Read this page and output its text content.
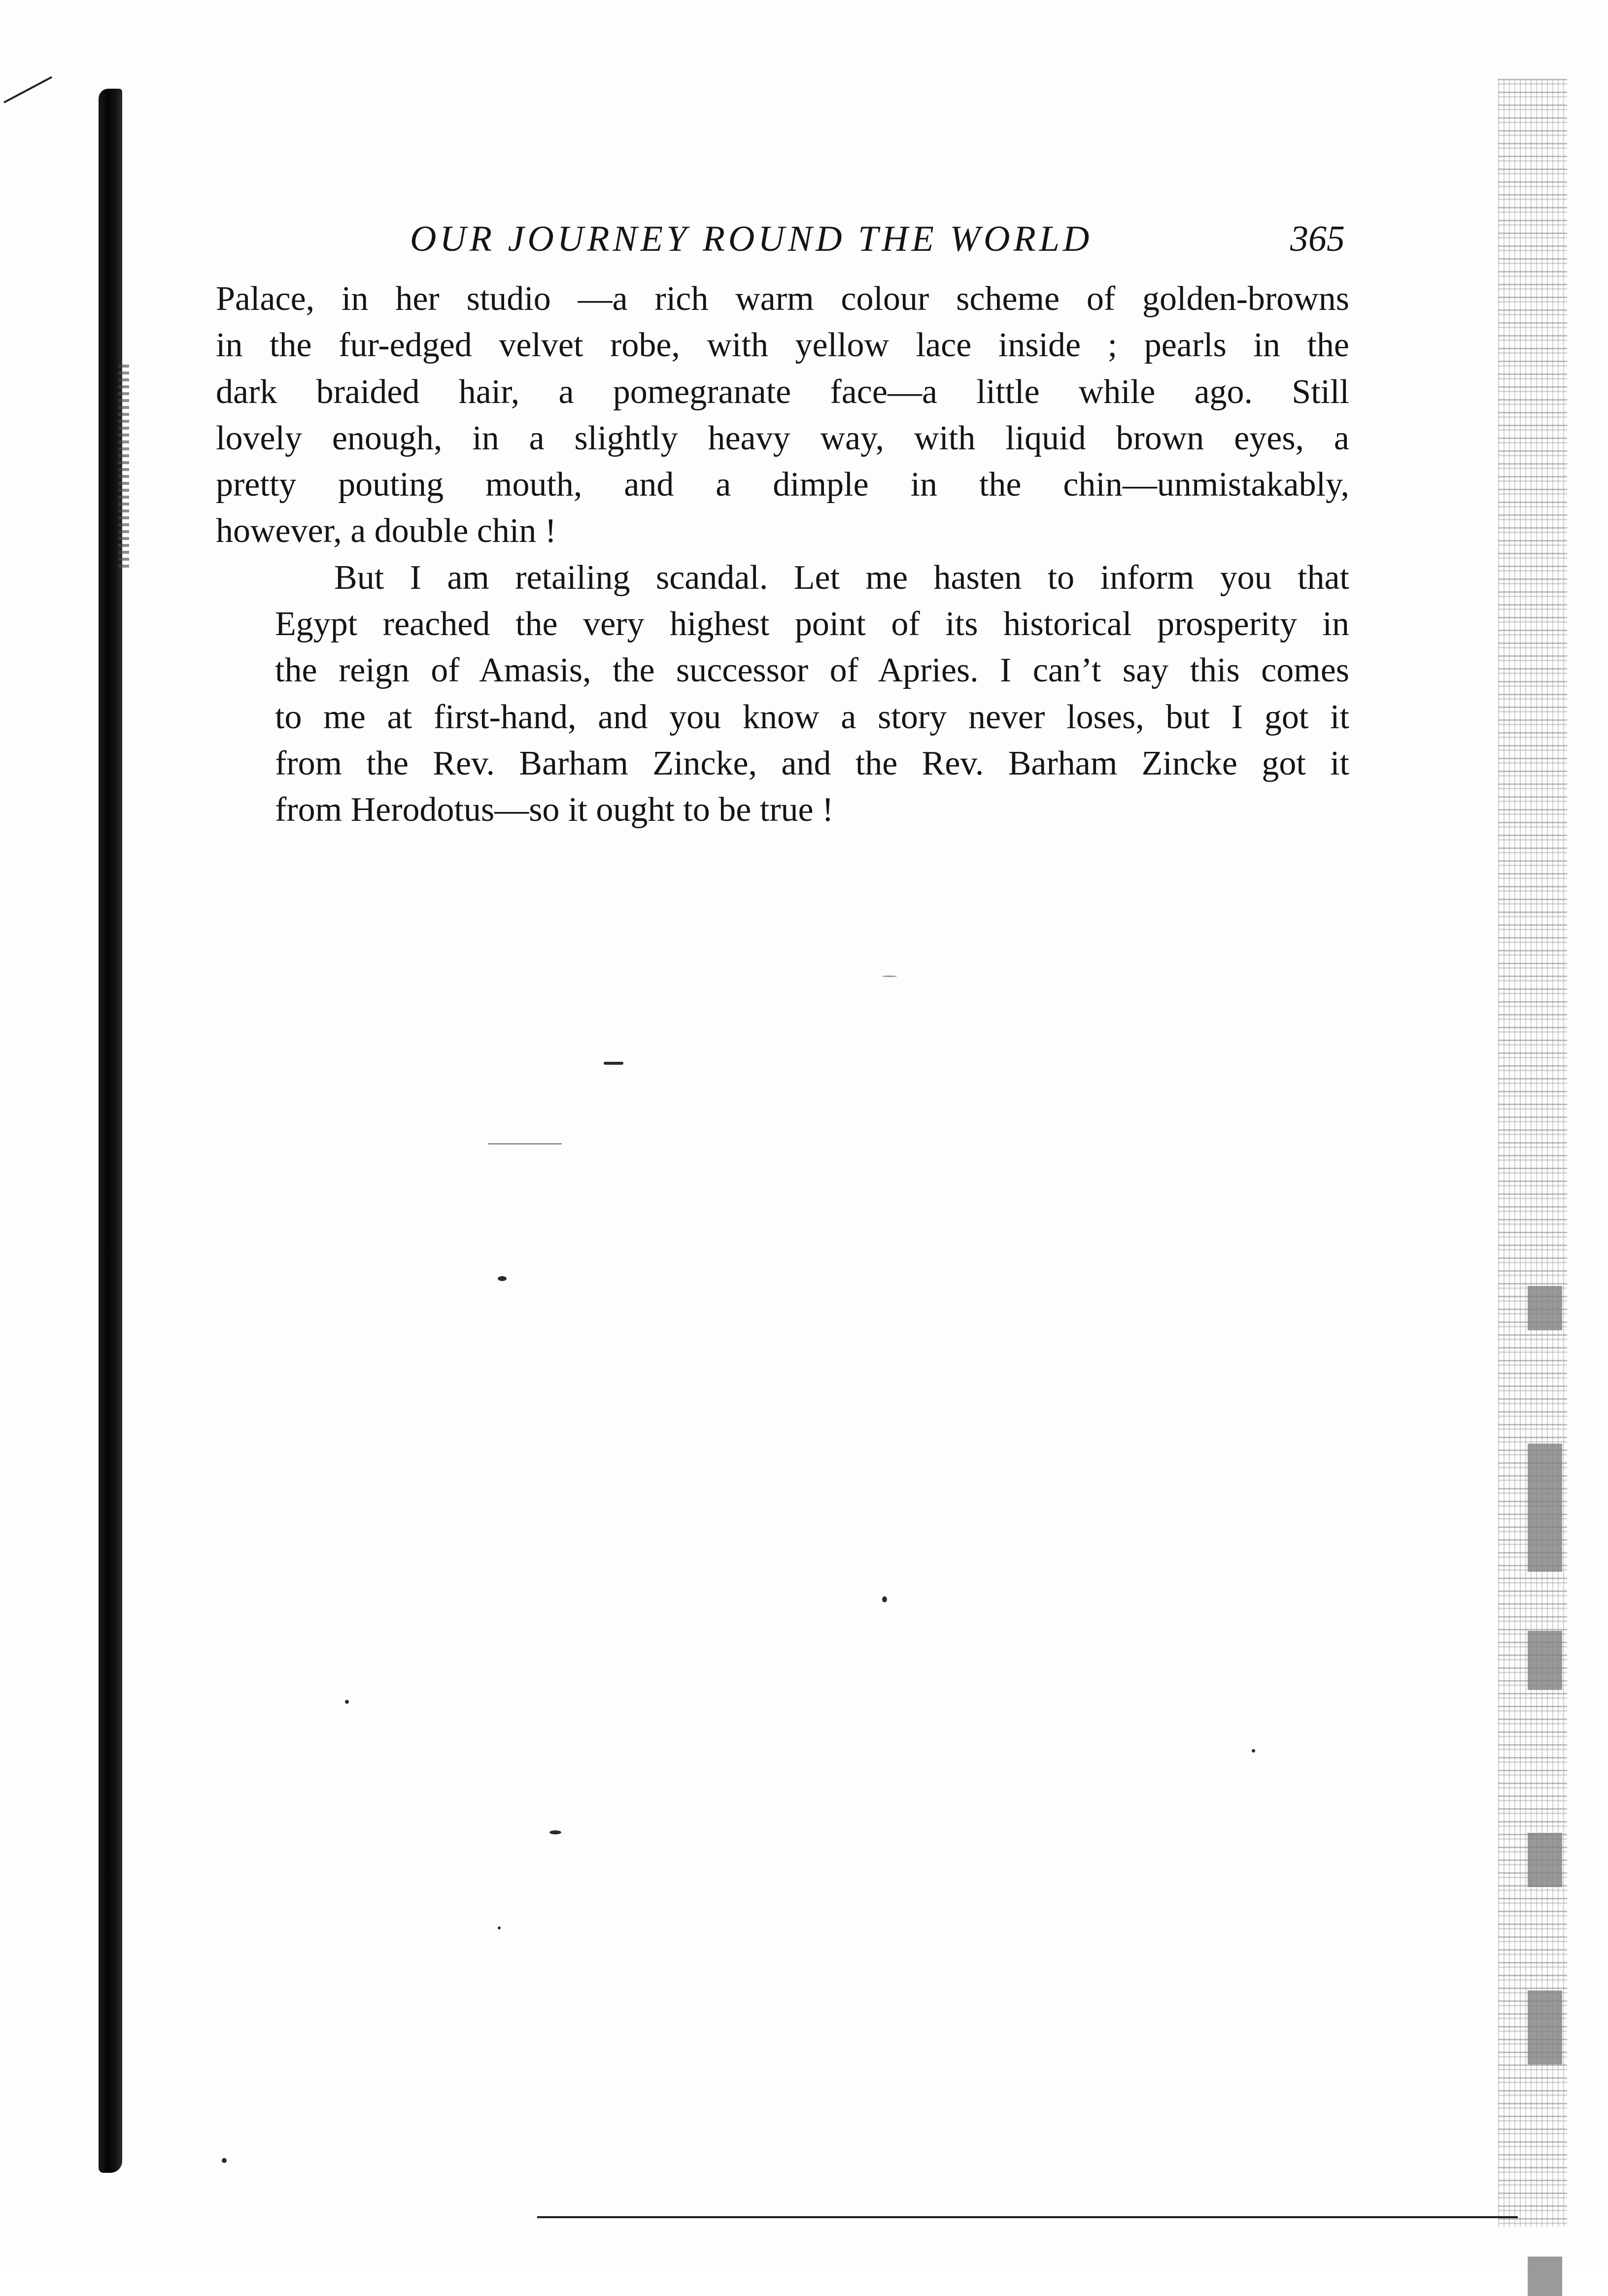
OUR JOURNEY ROUND THE WORLD	365

Palace, in her studio —a rich warm colour scheme of golden-browns
in the fur-edged velvet robe, with yellow lace inside ; pearls in the
dark braided hair, a pomegranate face—a little while ago. Still
lovely enough, in a slightly heavy way, with liquid brown eyes, a
pretty pouting mouth, and a dimple in the chin—unmistakably,
however, a double chin !

But I am retailing scandal. Let me hasten to inform you that
Egypt reached the very highest point of its historical prosperity in
the reign of Amasis, the successor of Apries. I can’t say this comes
to me at first-hand, and you know a story never loses, but I got it
from the Rev. Barham Zincke, and the Rev. Barham Zincke got it
from Herodotus—so it ought to be true !
